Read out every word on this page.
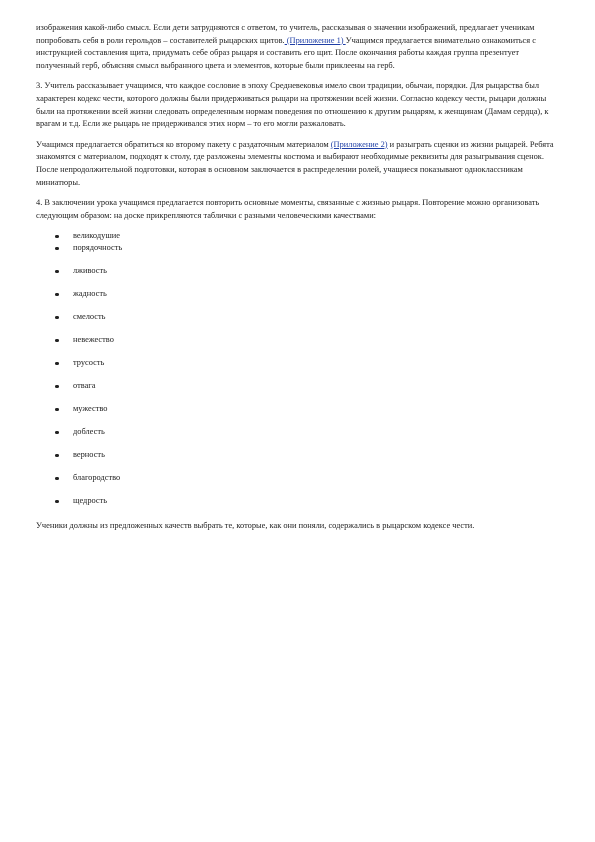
изображения какой-либо смысл. Если дети затрудняются с ответом, то учитель, рассказывая о значении изображений, предлагает ученикам попробовать себя в роли герольдов – составителей рыцарских щитов. (Приложение 1) Учащимся предлагается внимательно ознакомиться с инструкцией составления щита, придумать себе образ рыцаря и составить его щит. После окончания работы каждая группа презентует полученный герб, объясняя смысл выбранного цвета и элементов, которые были приклеены на герб.

3. Учитель рассказывает учащимся, что каждое сословие в эпоху Средневековья имело свои традиции, обычаи, порядки. Для рыцарства был характерен кодекс чести, которого должны были придерживаться рыцари на протяжении всей жизни. Согласно кодексу чести, рыцари должны были на протяжении всей жизни следовать определенным нормам поведения по отношению к другим рыцарям, к женщинам (Дамам сердца), к врагам и т.д. Если же рыцарь не придерживался этих норм – то его могли разжаловать.

Учащимся предлагается обратиться ко второму пакету с раздаточным материалом (Приложение 2) и разыграть сценки из жизни рыцарей. Ребята знакомятся с материалом, подходят к столу, где разложены элементы костюма и выбирают необходимые реквизиты для разыгрывания сценок. После непродолжительной подготовки, которая в основном заключается в распределении ролей, учащиеся показывают одноклассникам миниатюры.

4. В заключении урока учащимся предлагается повторить основные моменты, связанные с жизнью рыцаря. Повторение можно организовать следующим образом: на доске прикрепляются таблички с разными человеческими качествами:

великодушие
порядочность
лживость
жадность
смелость
невежество
трусость
отвага
мужество
доблесть
верность
благородство
щедрость

Ученики должны из предложенных качеств выбрать те, которые, как они поняли, содержались в рыцарском кодексе чести.
